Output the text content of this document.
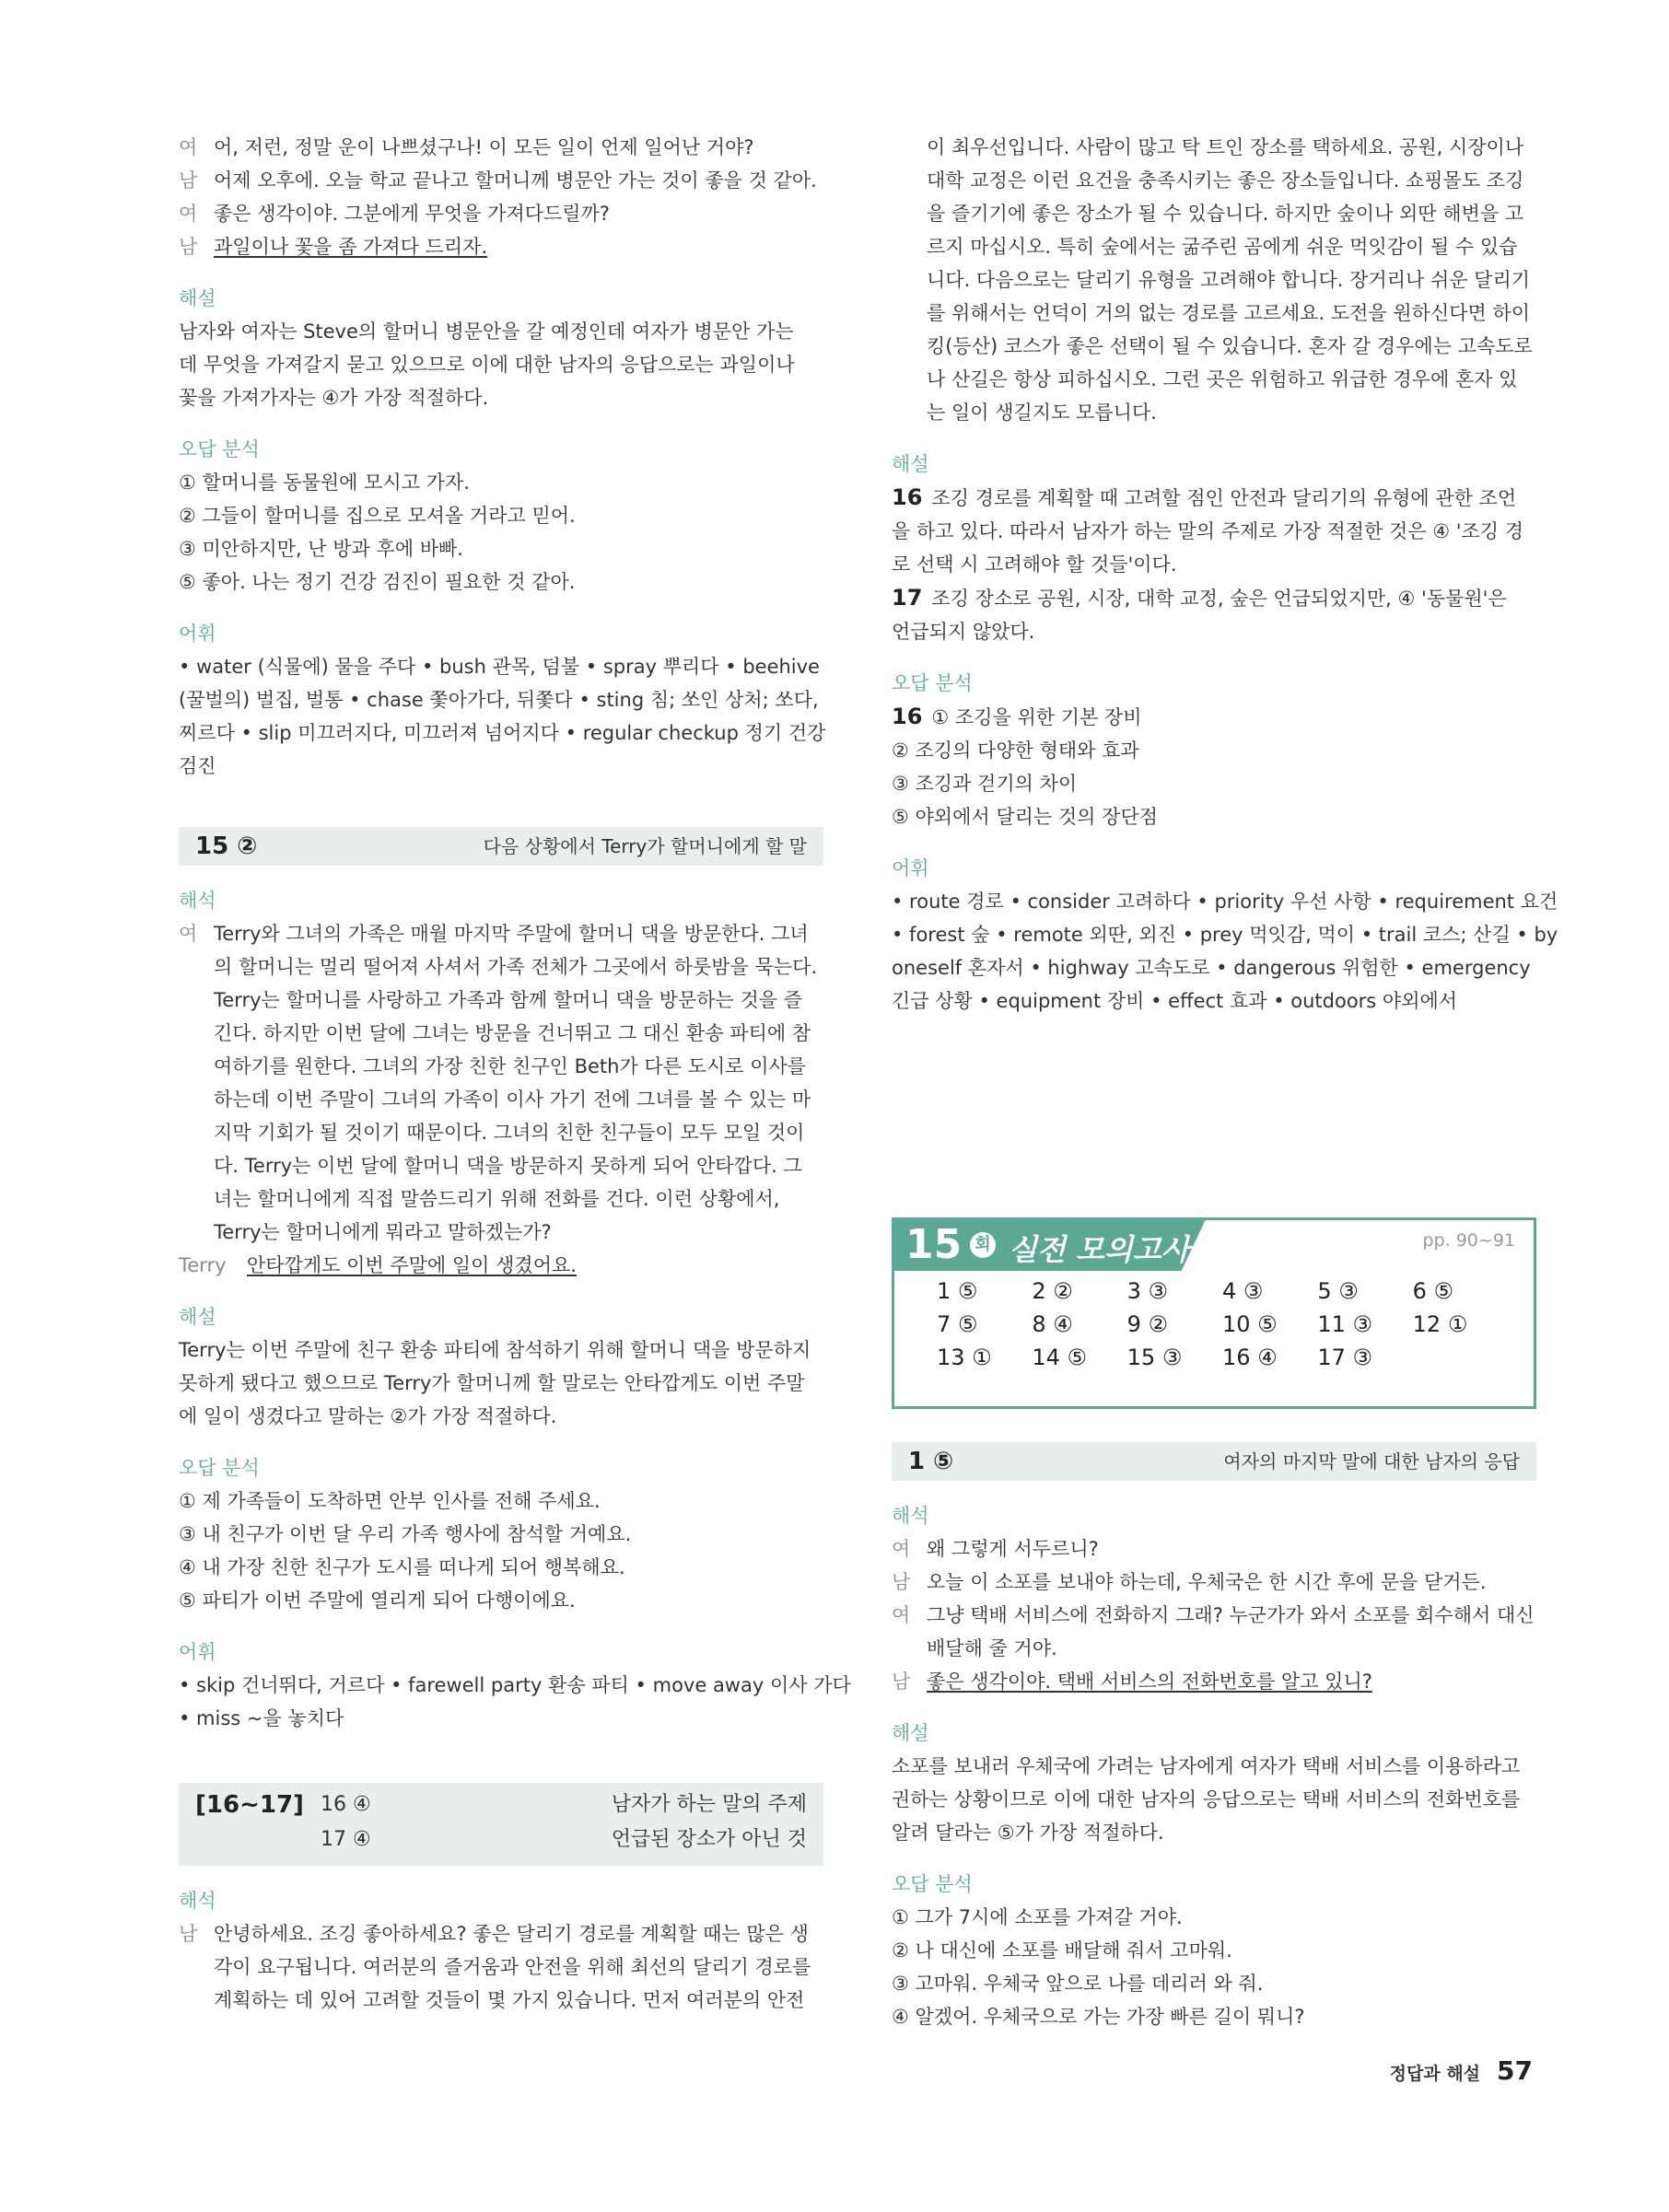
여 어, 저런, 정말 운이 나쁘셨구나! 이 모든 일이 언제 일어난 거야?
남 어제 오후에. 오늘 학교 끝나고 할머니께 병문안 가는 것이 좋을 것 같아.
여 좋은 생각이야. 그분에게 무엇을 가져다드릴까?
남 과일이나 꽃을 좀 가져다 드리자.
해설
남자와 여자는 Steve의 할머니 병문안을 갈 예정인데 여자가 병문안 가는
데 무엇을 가져갈지 묻고 있으므로 이에 대한 남자의 응답으로는 과일이나
꽃을 가져가자는 ④가 가장 적절하다.
오답 분석
① 할머니를 동물원에 모시고 가자.
② 그들이 할머니를 집으로 모셔올 거라고 믿어.
③ 미안하지만, 난 방과 후에 바빠.
⑤ 좋아. 나는 정기 건강 검진이 필요한 것 같아.
어휘
• water (식물에) 물을 주다 • bush 관목, 덤불 • spray 뿌리다 • beehive
(꿀벌의) 벌집, 벌통 • chase 쫓아가다, 뒤쫓다 • sting 침; 쏘인 상처; 쏘다,
찌르다 • slip 미끄러지다, 미끄러져 넘어지다 • regular checkup 정기 건강
검진
15 ②	다음 상황에서 Terry가 할머니에게 할 말
해석
여 Terry와 그녀의 가족은 매월 마지막 주말에 할머니 댁을 방문한다. 그녀
의 할머니는 멀리 떨어져 사셔서 가족 전체가 그곳에서 하룻밤을 묵는다.
Terry는 할머니를 사랑하고 가족과 함께 할머니 댁을 방문하는 것을 즐
긴다. 하지만 이번 달에 그녀는 방문을 건너뛰고 그 대신 환송 파티에 참
여하기를 원한다. 그녀의 가장 친한 친구인 Beth가 다른 도시로 이사를
하는데 이번 주말이 그녀의 가족이 이사 가기 전에 그녀를 볼 수 있는 마
지막 기회가 될 것이기 때문이다. 그녀의 친한 친구들이 모두 모일 것이
다. Terry는 이번 달에 할머니 댁을 방문하지 못하게 되어 안타깝다. 그
녀는 할머니에게 직접 말씀드리기 위해 전화를 건다. 이런 상황에서,
Terry는 할머니에게 뭐라고 말하겠는가?
Terry	안타깝게도 이번 주말에 일이 생겼어요.
해설
Terry는 이번 주말에 친구 환송 파티에 참석하기 위해 할머니 댁을 방문하지
못하게 됐다고 했으므로 Terry가 할머니께 할 말로는 안타깝게도 이번 주말
에 일이 생겼다고 말하는 ②가 가장 적절하다.
오답 분석
① 제 가족들이 도착하면 안부 인사를 전해 주세요.
③ 내 친구가 이번 달 우리 가족 행사에 참석할 거예요.
④ 내 가장 친한 친구가 도시를 떠나게 되어 행복해요.
⑤ 파티가 이번 주말에 열리게 되어 다행이에요.
어휘
• skip 건너뛰다, 거르다 • farewell party 환송 파티 • move away 이사 가다
• miss ~을 놓치다
[16~17] 16 ④	남자가 하는 말의 주제
17 ④	언급된 장소가 아닌 것
해석
남 안녕하세요. 조깅 좋아하세요? 좋은 달리기 경로를 계획할 때는 많은 생
각이 요구됩니다. 여러분의 즐거움과 안전을 위해 최선의 달리기 경로를
계획하는 데 있어 고려할 것들이 몇 가지 있습니다. 먼저 여러분의 안전
이 최우선입니다. 사람이 많고 탁 트인 장소를 택하세요. 공원, 시장이나
대학 교정은 이런 요건을 충족시키는 좋은 장소들입니다. 쇼핑몰도 조깅
을 즐기기에 좋은 장소가 될 수 있습니다. 하지만 숲이나 외딴 해변을 고
르지 마십시오. 특히 숲에서는 굶주린 곰에게 쉬운 먹잇감이 될 수 있습
니다. 다음으로는 달리기 유형을 고려해야 합니다. 장거리나 쉬운 달리기
를 위해서는 언덕이 거의 없는 경로를 고르세요. 도전을 원하신다면 하이
킹(등산) 코스가 좋은 선택이 될 수 있습니다. 혼자 갈 경우에는 고속도로
나 산길은 항상 피하십시오. 그런 곳은 위험하고 위급한 경우에 혼자 있
는 일이 생길지도 모릅니다.
해설
16 조깅 경로를 계획할 때 고려할 점인 안전과 달리기의 유형에 관한 조언
을 하고 있다. 따라서 남자가 하는 말의 주제로 가장 적절한 것은 ④ '조깅 경
로 선택 시 고려해야 할 것들'이다.
17 조깅 장소로 공원, 시장, 대학 교정, 숲은 언급되었지만, ④ '동물원'은
언급되지 않았다.
오답 분석
16 ① 조깅을 위한 기본 장비
② 조깅의 다양한 형태와 효과
③ 조깅과 걷기의 차이
⑤ 야외에서 달리는 것의 장단점
어휘
• route 경로 • consider 고려하다 • priority 우선 사항 • requirement 요건
• forest 숲 • remote 외딴, 외진 • prey 먹잇감, 먹이 • trail 코스; 산길 • by
oneself 혼자서 • highway 고속도로 • dangerous 위험한 • emergency
긴급 상황 • equipment 장비 • effect 효과 • outdoors 야외에서
15 회 실전 모의고사	pp. 90~91
1 ⑤	2 ②	3 ③	4 ③	5 ③	6 ⑤
7 ⑤	8 ④	9 ②	10 ⑤	11 ③	12 ①
13 ①	14 ⑤	15 ③	16 ④	17 ③
1 ⑤	여자의 마지막 말에 대한 남자의 응답
해석
여 왜 그렇게 서두르니?
남 오늘 이 소포를 보내야 하는데, 우체국은 한 시간 후에 문을 닫거든.
여 그냥 택배 서비스에 전화하지 그래? 누군가가 와서 소포를 회수해서 대신
배달해 줄 거야.
남 좋은 생각이야. 택배 서비스의 전화번호를 알고 있니?
해설
소포를 보내러 우체국에 가려는 남자에게 여자가 택배 서비스를 이용하라고
권하는 상황이므로 이에 대한 남자의 응답으로는 택배 서비스의 전화번호를
알려 달라는 ⑤가 가장 적절하다.
오답 분석
① 그가 7시에 소포를 가져갈 거야.
② 나 대신에 소포를 배달해 줘서 고마워.
③ 고마워. 우체국 앞으로 나를 데리러 와 줘.
④ 알겠어. 우체국으로 가는 가장 빠른 길이 뭐니?
정답과 해설 57
